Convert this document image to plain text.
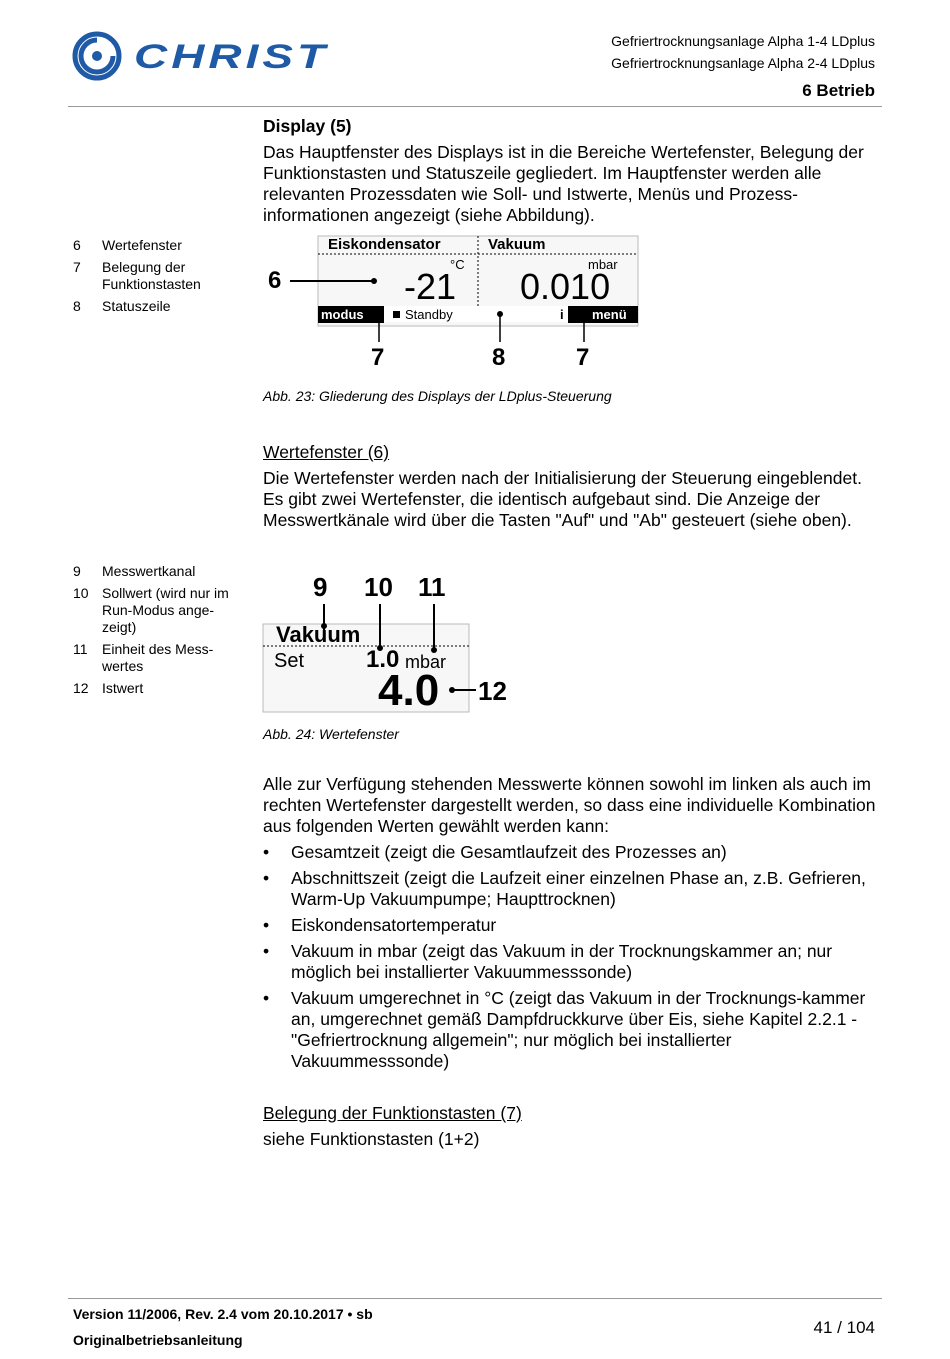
CHRIST	Gefriertrocknungsanlage Alpha 1-4 LDplus
Gefriertrocknungsanlage Alpha 2-4 LDplus
6 Betrieb
Display (5)
Das Hauptfenster des Displays ist in die Bereiche Wertefenster, Belegung der Funktionstasten und Statuszeile gegliedert. Im Hauptfenster werden alle relevanten Prozessdaten wie Soll- und Istwerte, Menüs und Prozess-informationen angezeigt (siehe Abbildung).
6	Wertefenster
7	Belegung der Funktionstasten
8	Statuszeile
Eiskondensator	Vakuum
°C	mbar
-21 0.010
modus	Standby	i menü
6
7	8	7
Abb. 23: Gliederung des Displays der LDplus-Steuerung
Wertefenster (6)
Die Wertefenster werden nach der Initialisierung der Steuerung eingeblendet. Es gibt zwei Wertefenster, die identisch aufgebaut sind. Die Anzeige der Messwertkänale wird über die Tasten "Auf" und "Ab" gesteuert (siehe oben).
9	Messwertkanal
10 Sollwert (wird nur im Run-Modus ange-zeigt)
11	Einheit des Mess-wertes
12 Istwert
9 10 11
12
Vakuum
Set	1.0 mbar
4.0
Abb. 24: Wertefenster
Alle zur Verfügung stehenden Messwerte können sowohl im linken als auch im rechten Wertefenster dargestellt werden, so dass eine individuelle Kombination aus folgenden Werten gewählt werden kann:
• Gesamtzeit (zeigt die Gesamtlaufzeit des Prozesses an)
• Abschnittszeit (zeigt die Laufzeit einer einzelnen Phase an, z.B. Gefrieren, Warm-Up Vakuumpumpe; Haupttrocknen)
• Eiskondensatortemperatur
• Vakuum in mbar (zeigt das Vakuum in der Trocknungskammer an; nur möglich bei installierter Vakuummesssonde)
• Vakuum umgerechnet in °C (zeigt das Vakuum in der Trocknungs-kammer an, umgerechnet gemäß Dampfdruckkurve über Eis, siehe Kapitel 2.2.1 - "Gefriertrocknung allgemein"; nur möglich bei installierter Vakuummesssonde)
Belegung der Funktionstasten (7)
siehe Funktionstasten (1+2)
Version 11/2006, Rev. 2.4 vom 20.10.2017 • sb
Originalbetriebsanleitung
41 / 104
